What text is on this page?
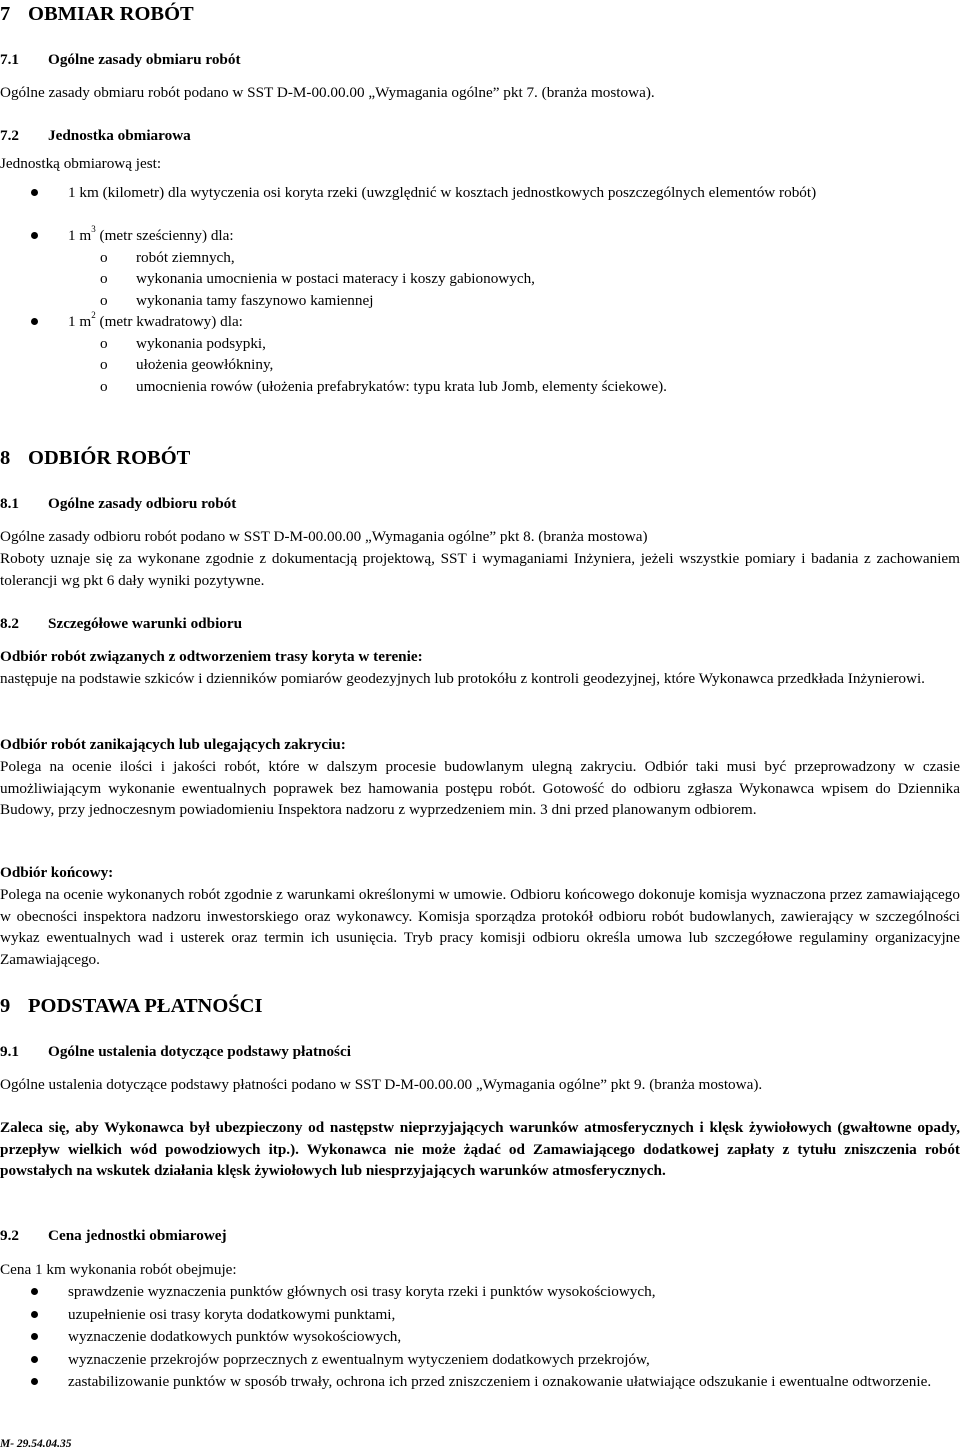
7 OBMIAR ROBÓT
7.1 Ogólne zasady obmiaru robót
Ogólne zasady obmiaru robót podano w SST D-M-00.00.00 „Wymagania ogólne” pkt 7. (branża mostowa).
7.2 Jednostka obmiarowa
Jednostką obmiarową jest:
1 km (kilometr) dla wytyczenia osi koryta rzeki (uwzględnić w kosztach jednostkowych poszczególnych elementów robót)
1 $m^3$ (metr sześcienny) dla:
o robót ziemnych,
o wykonania umocnienia w postaci materacy i koszy gabionowych,
o wykonania tamy faszynowo kamiennej
1 $m^2$ (metr kwadratowy) dla:
o wykonania podsypki,
o ułożenia geowłókniny,
o umocnienia rowów (ułożenia prefabrykatów: typu krata lub Jomb, elementy ściekowe).
8 ODBIÓR ROBÓT
8.1 Ogólne zasady odbioru robót
Ogólne zasady odbioru robót podano w SST D-M-00.00.00 „Wymagania ogólne” pkt 8. (branża mostowa)
Roboty uznaje się za wykonane zgodnie z dokumentacją projektową, SST i wymaganiami Inżyniera, jeżeli wszystkie pomiary i badania z zachowaniem tolerancji wg pkt 6 dały wyniki pozytywne.
8.2 Szczegółowe warunki odbioru
Odbiór robót związanych z odtworzeniem trasy koryta w terenie:
następuje na podstawie szkiców i dzienników pomiarów geodezyjnych lub protokółu z kontroli geodezyjnej, które Wykonawca przedkłada Inżynierowi.
Odbiór robót zanikających lub ulegających zakryciu:
Polega na ocenie ilości i jakości robót, które w dalszym procesie budowlanym ulegną zakryciu. Odbiór taki musi być przeprowadzony w czasie umożliwiającym wykonanie ewentualnych poprawek bez hamowania postępu robót. Gotowość do odbioru zgłasza Wykonawca wpisem do Dziennika Budowy, przy jednoczesnym powiadomieniu Inspektora nadzoru z wyprzedzeniem min. 3 dni przed planowanym odbiorem.
Odbiór końcowy:
Polega na ocenie wykonanych robót zgodnie z warunkami określonymi w umowie. Odbioru końcowego dokonuje komisja wyznaczona przez zamawiającego w obecności inspektora nadzoru inwestorskiego oraz wykonawcy. Komisja sporządza protokół odbioru robót budowlanych, zawierający w szczególności wykaz ewentualnych wad i usterek oraz termin ich usunięcia. Tryb pracy komisji odbioru określa umowa lub szczegółowe regulaminy organizacyjne Zamawiającego.
9 PODSTAWA PŁATNOŚCI
9.1 Ogólne ustalenia dotyczące podstawy płatności
Ogólne ustalenia dotyczące podstawy płatności podano w SST D-M-00.00.00 „Wymagania ogólne” pkt 9. (branża mostowa).
Zaleca się, aby Wykonawca był ubezpieczony od następstw nieprzyjających warunków atmosferycznych i klęsk żywiołowych (gwałtowne opady, przepływ wielkich wód powodziowych itp.). Wykonawca nie może żądać od Zamawiającego dodatkowej zapłaty z tytułu zniszczenia robót powstałych na wskutek działania klęsk żywiołowych lub niesprzyjających warunków atmosferycznych.
9.2 Cena jednostki obmiarowej
Cena 1 km wykonania robót obejmuje:
sprawdzenie wyznaczenia punktów głównych osi trasy koryta rzeki i punktów wysokościowych,
uzupełnienie osi trasy koryta dodatkowymi punktami,
wyznaczenie dodatkowych punktów wysokościowych,
wyznaczenie przekrojów poprzecznych z ewentualnym wytyczeniem dodatkowych przekrojów,
zastabilizowanie punktów w sposób trwały, ochrona ich przed zniszczeniem i oznakowanie ułatwiające odszukanie i ewentualne odtworzenie.
M- 29.54.04.35
